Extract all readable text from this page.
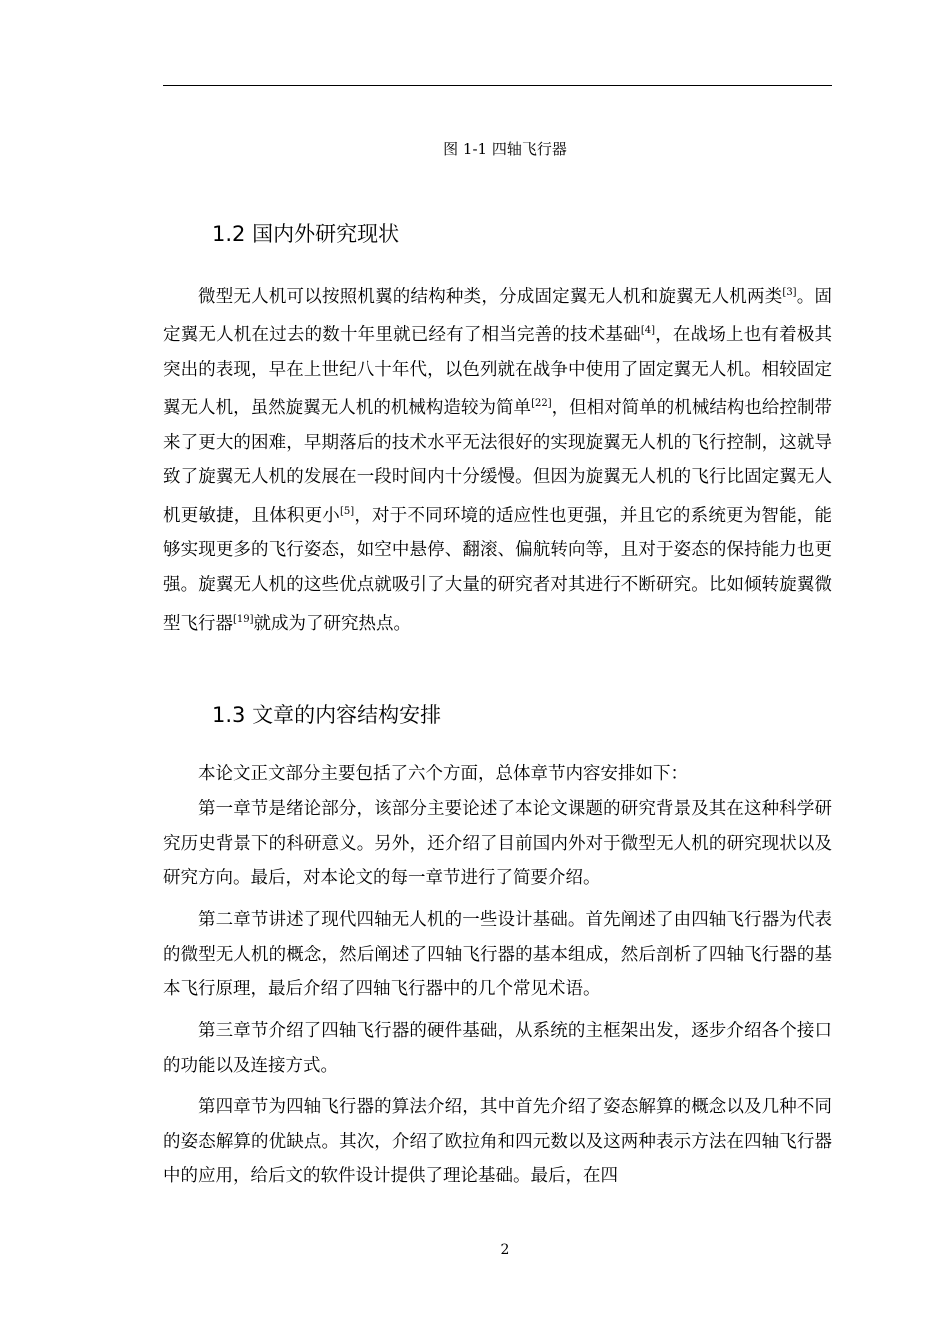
图 1-1 四轴飞行器
1.2 国内外研究现状

微型无人机可以按照机翼的结构种类，分成固定翼无人机和旋翼无人机两类[3]。固定翼无人机在过去的数十年里就已经有了相当完善的技术基础[4]，在战场上也有着极其突出的表现，早在上世纪八十年代，以色列就在战争中使用了固定翼无人机。相较固定翼无人机，虽然旋翼无人机的机械构造较为简单[22]，但相对简单的机械结构也给控制带来了更大的困难，早期落后的技术水平无法很好的实现旋翼无人机的飞行控制，这就导致了旋翼无人机的发展在一段时间内十分缓慢。但因为旋翼无人机的飞行比固定翼无人机更敏捷，且体积更小[5]，对于不同环境的适应性也更强，并且它的系统更为智能，能够实现更多的飞行姿态，如空中悬停、翻滚、偏航转向等，且对于姿态的保持能力也更强。旋翼无人机的这些优点就吸引了大量的研究者对其进行不断研究。比如倾转旋翼微型飞行器[19]就成为了研究热点。

1.3 文章的内容结构安排

本论文正文部分主要包括了六个方面，总体章节内容安排如下：

第一章节是绪论部分，该部分主要论述了本论文课题的研究背景及其在这种科学研究历史背景下的科研意义。另外，还介绍了目前国内外对于微型无人机的研究现状以及研究方向。最后，对本论文的每一章节进行了简要介绍。

第二章节讲述了现代四轴无人机的一些设计基础。首先阐述了由四轴飞行器为代表的微型无人机的概念，然后阐述了四轴飞行器的基本组成，然后剖析了四轴飞行器的基本飞行原理，最后介绍了四轴飞行器中的几个常见术语。

第三章节介绍了四轴飞行器的硬件基础，从系统的主框架出发，逐步介绍各个接口的功能以及连接方式。

第四章节为四轴飞行器的算法介绍，其中首先介绍了姿态解算的概念以及几种不同的姿态解算的优缺点。其次，介绍了欧拉角和四元数以及这两种表示方法在四轴飞行器中的应用，给后文的软件设计提供了理论基础。最后，在四

2
